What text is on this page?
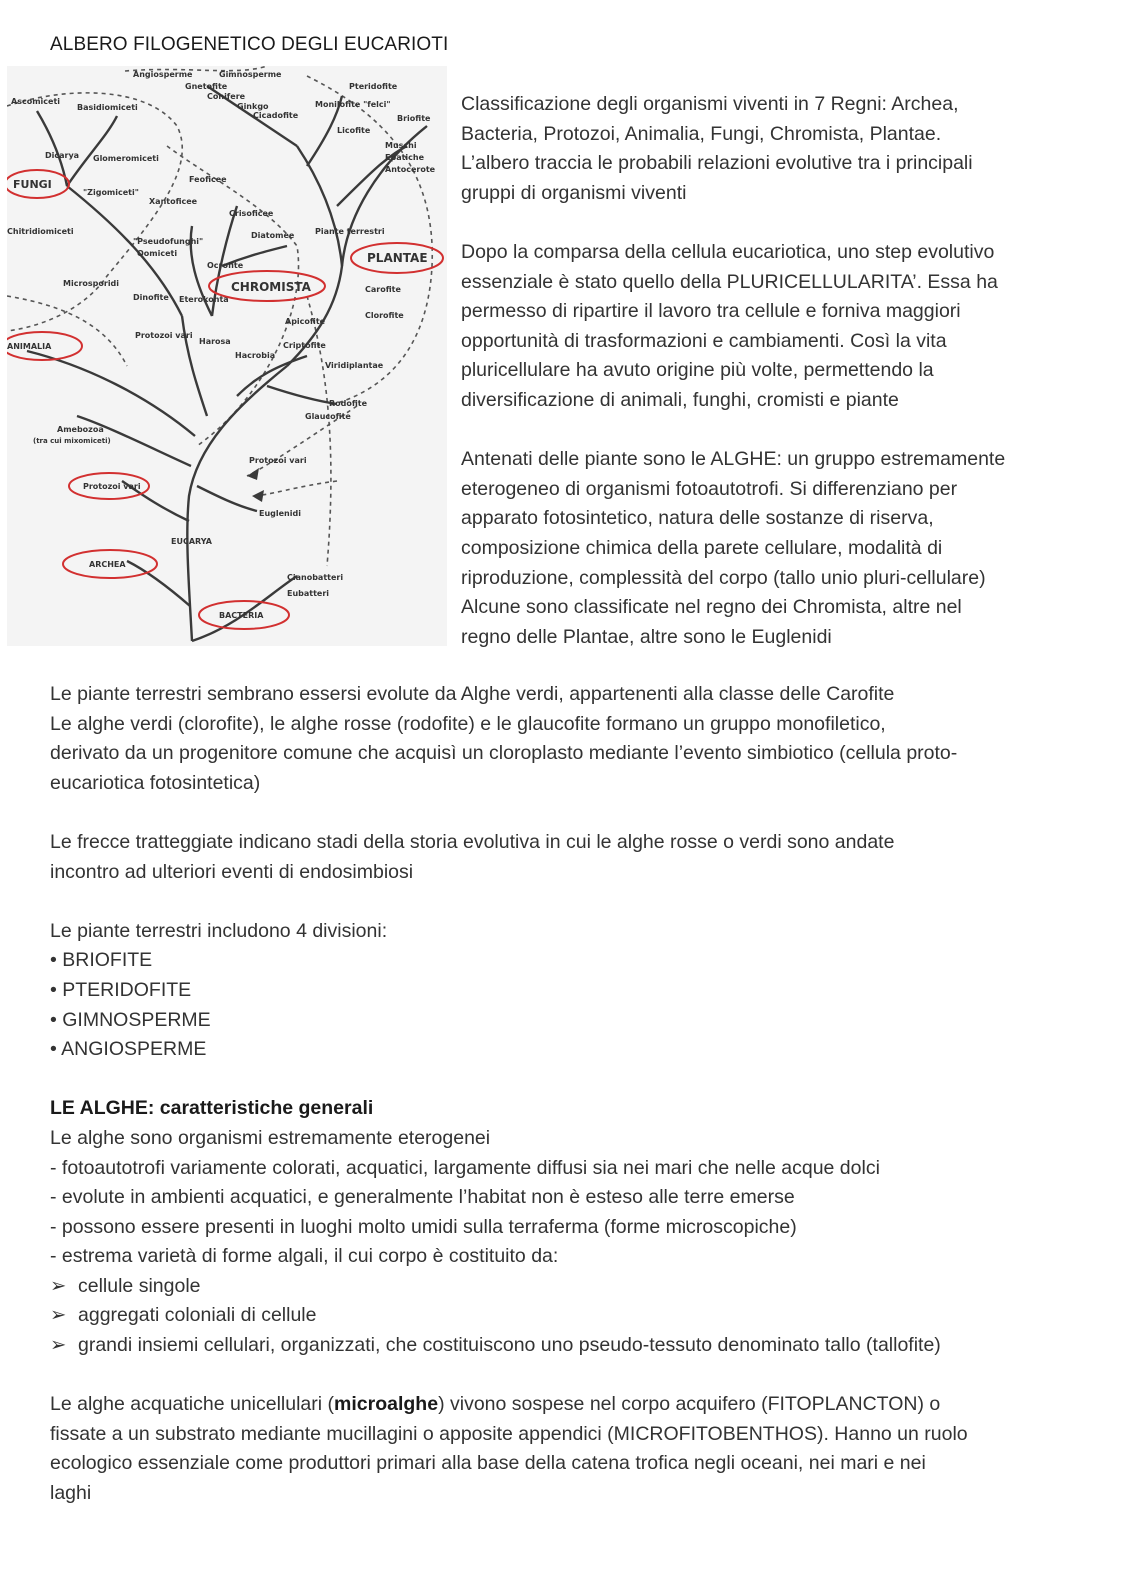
ALBERO FILOGENETICO DEGLI EUCARIOTI
Angiosperme	Gimnosperme
Gnetofite
Conifere
Ginkgo
Cicadofite
Pteridofite
Monilofite "felci"
Licofite
Briofite
Muschi
Epatiche
Antocerote
Ascomiceti
Basidiomiceti
Dicarya Glomeromiceti
FUNGI
"Zigomiceti"
Chitridiomiceti
Feoficee
Xantoficee
Crisoficee
Diatomee	Piante terrestri
"Pseudofunghi"
Oomiceti
Ocrofite
PLANTAE
Microsporidi	CHROMISTA	Carofite
Dinofite Eterokonta
Clorofite
Apicofite
Protozoi vari
Harosa	Criptofite
ANIMALIA
Hacrobia
Viridiplantae
Rodofite
Glaucofite
Amebozoa
(tra cui mixomiceti)
Protozoi vari
Protozoi vari
Euglenidi
EUCARYA
ARCHEA
Cianobatteri
Eubatteri
BACTERIA

Classificazione degli organismi viventi in 7 Regni: Archea,
Bacteria, Protozoi, Animalia, Fungi, Chromista, Plantae.
L’albero traccia le probabili relazioni evolutive tra i principali
gruppi di organismi viventi

Dopo la comparsa della cellula eucariotica, uno step evolutivo
essenziale è stato quello della PLURICELLULARITA’. Essa ha
permesso di ripartire il lavoro tra cellule e forniva maggiori
opportunità di trasformazioni e cambiamenti. Così la vita
pluricellulare ha avuto origine più volte, permettendo la
diversificazione di animali, funghi, cromisti e piante

Antenati delle piante sono le ALGHE: un gruppo estremamente
eterogeneo di organismi fotoautotrofi. Si differenziano per
apparato fotosintetico, natura delle sostanze di riserva,
composizione chimica della parete cellulare, modalità di
riproduzione, complessità del corpo (tallo unio pluri-cellulare)
Alcune sono classificate nel regno dei Chromista, altre nel
regno delle Plantae, altre sono le Euglenidi

Le piante terrestri sembrano essersi evolute da Alghe verdi, appartenenti alla classe delle Carofite
Le alghe verdi (clorofite), le alghe rosse (rodofite) e le glaucofite formano un gruppo monofiletico,
derivato da un progenitore comune che acquisì un cloroplasto mediante l’evento simbiotico (cellula proto-
eucariotica fotosintetica)

Le frecce tratteggiate indicano stadi della storia evolutiva in cui le alghe rosse o verdi sono andate
incontro ad ulteriori eventi di endosimbiosi

Le piante terrestri includono 4 divisioni:
• BRIOFITE
• PTERIDOFITE
• GIMNOSPERME
• ANGIOSPERME

LE ALGHE: caratteristiche generali
Le alghe sono organismi estremamente eterogenei
- fotoautotrofi variamente colorati, acquatici, largamente diffusi sia nei mari che nelle acque dolci
- evolute in ambienti acquatici, e generalmente l’habitat non è esteso alle terre emerse
- possono essere presenti in luoghi molto umidi sulla terraferma (forme microscopiche)
- estrema varietà di forme algali, il cui corpo è costituito da:
➢ cellule singole
➢ aggregati coloniali di cellule
➢ grandi insiemi cellulari, organizzati, che costituiscono uno pseudo-tessuto denominato tallo (tallofite)

Le alghe acquatiche unicellulari (microalghe) vivono sospese nel corpo acquifero (FITOPLANCTON) o
fissate a un substrato mediante mucillagini o apposite appendici (MICROFITOBENTHOS). Hanno un ruolo
ecologico essenziale come produttori primari alla base della catena trofica negli oceani, nei mari e nei
laghi
